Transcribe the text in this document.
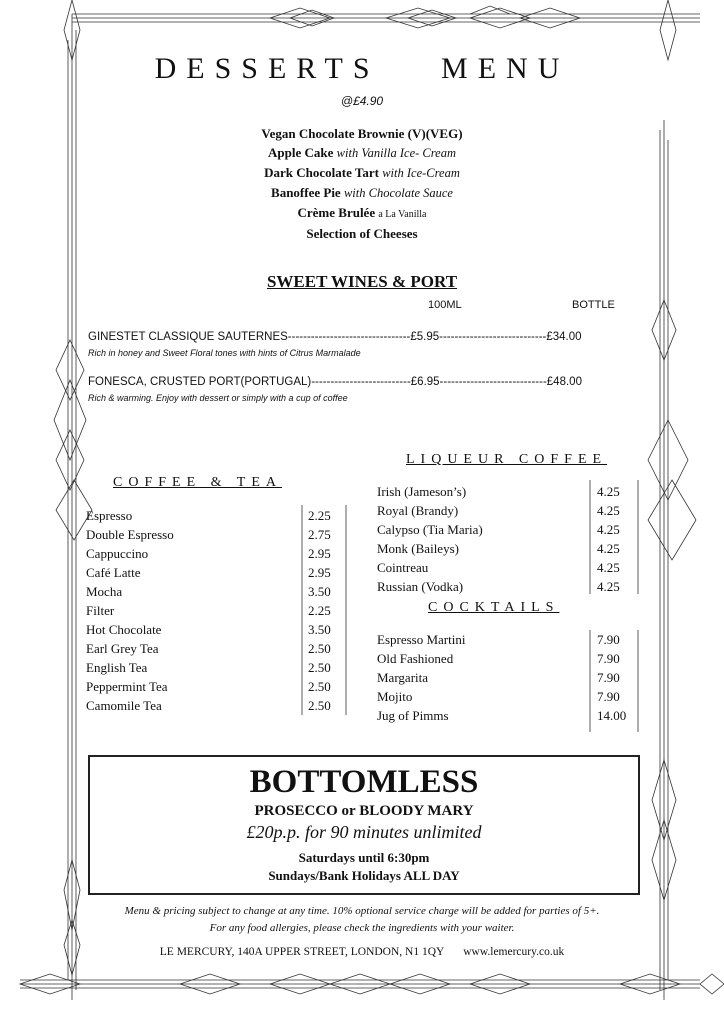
DESSERTS MENU
@£4.90
Vegan Chocolate Brownie (V)(VEG)
Apple Cake with Vanilla Ice- Cream
Dark Chocolate Tart with Ice-Cream
Banoffee Pie with Chocolate Sauce
Crème Brulée a La Vanilla
Selection of Cheeses
SWEET WINES & PORT
100ML	BOTTLE
GINESTET CLASSIQUE SAUTERNES--------------------------------£5.95----------------------------£34.00
Rich in honey and Sweet Floral tones with hints of Citrus Marmalade
FONESCA, CRUSTED PORT(PORTUGAL)--------------------------£6.95----------------------------£48.00
Rich & warming. Enjoy with dessert or simply with a cup of coffee
COFFEE & TEA
Espresso	2.25
Double Espresso	2.75
Cappuccino	2.95
Café Latte	2.95
Mocha	3.50
Filter	2.25
Hot Chocolate	3.50
Earl Grey Tea	2.50
English Tea	2.50
Peppermint Tea	2.50
Camomile Tea	2.50
LIQUEUR COFFEE
Irish (Jameson’s)	4.25
Royal (Brandy)	4.25
Calypso (Tia Maria)	4.25
Monk (Baileys)	4.25
Cointreau	4.25
Russian (Vodka)	4.25
COCKTAILS
Espresso Martini	7.90
Old Fashioned	7.90
Margarita	7.90
Mojito	7.90
Jug of Pimms	14.00
BOTTOMLESS
PROSECCO or BLOODY MARY
£20p.p. for 90 minutes unlimited
Saturdays until 6:30pm
Sundays/Bank Holidays ALL DAY
Menu & pricing subject to change at any time. 10% optional service charge will be added for parties of 5+.
For any food allergies, please check the ingredients with your waiter.
LE MERCURY, 140A UPPER STREET, LONDON, N1 1QY www.lemercury.co.uk
